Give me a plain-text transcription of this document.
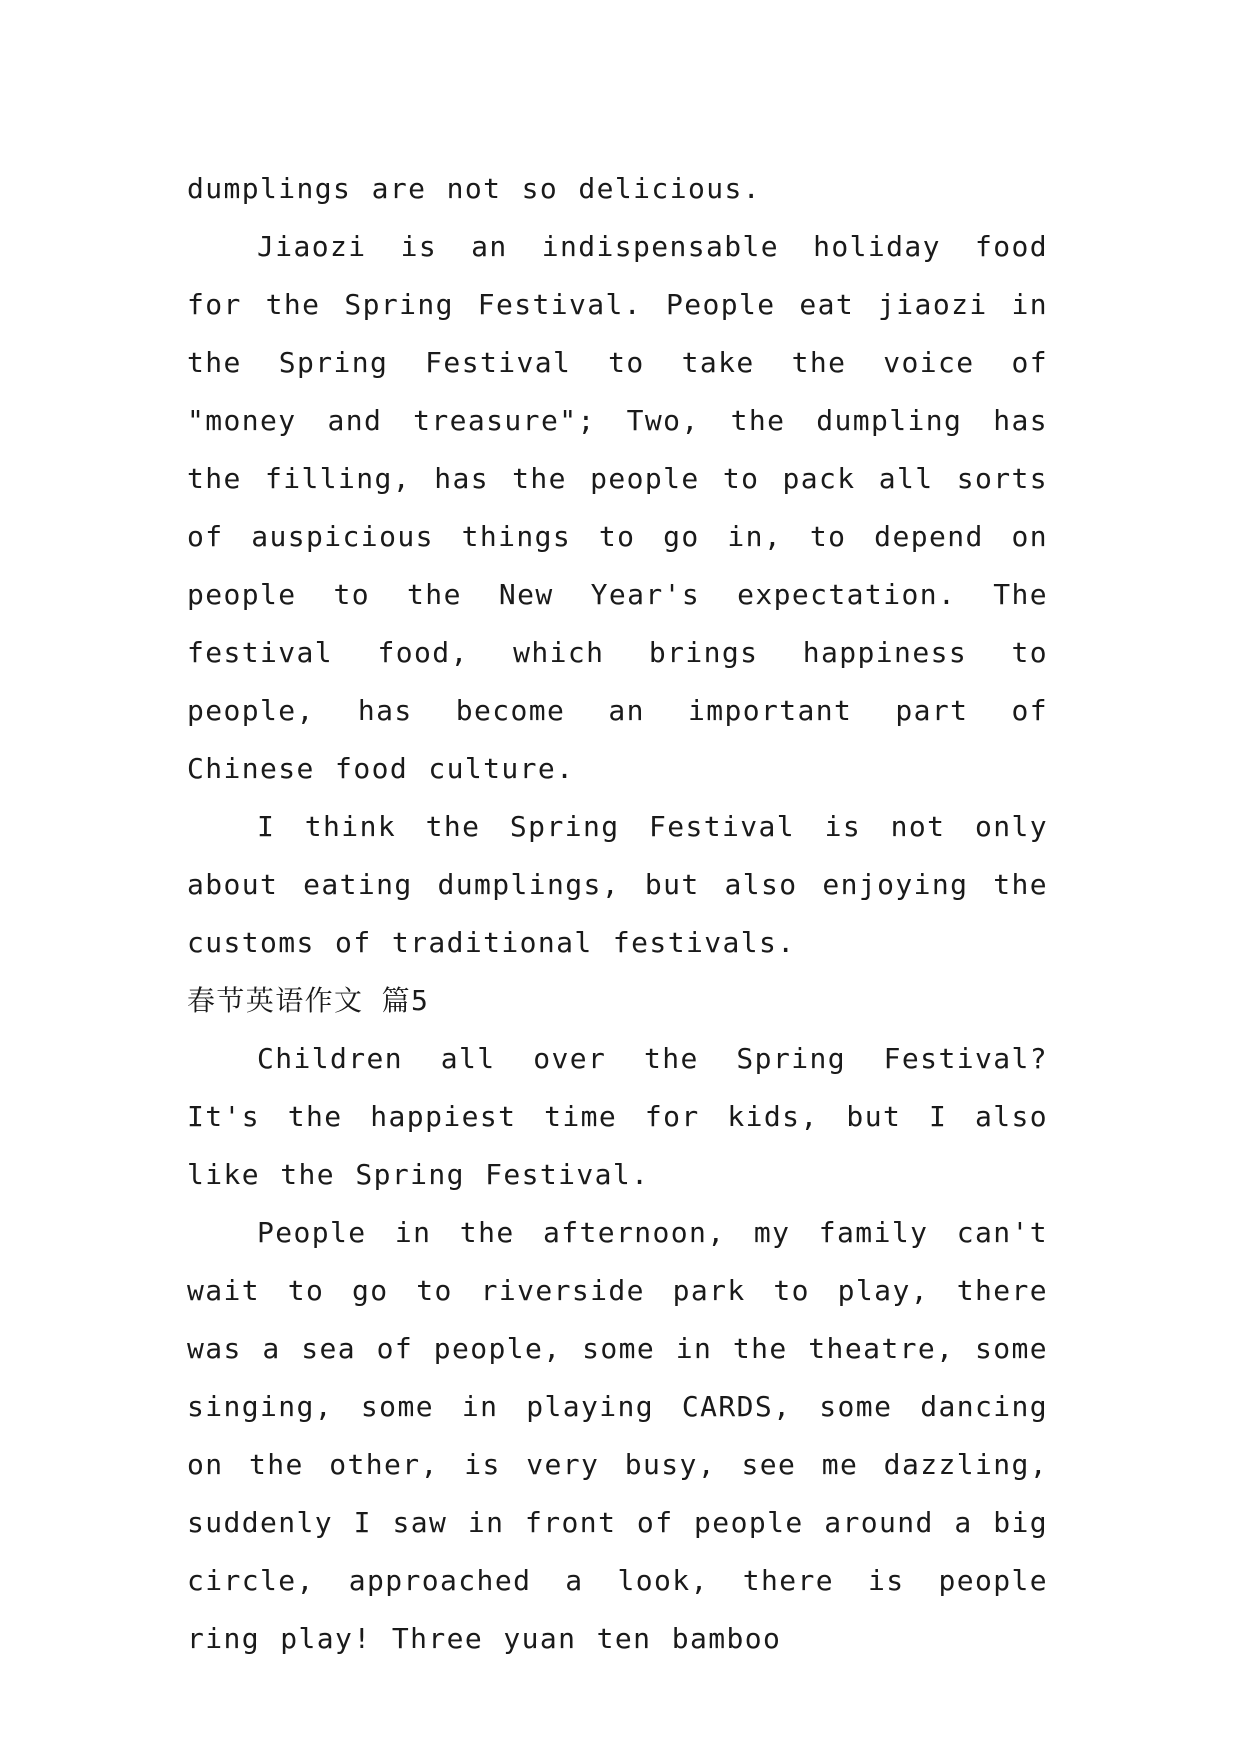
dumplings are not so delicious.

Jiaozi is an indispensable holiday food for the Spring Festival. People eat jiaozi in the Spring Festival to take the voice of "money and treasure"; Two, the dumpling has the filling, has the people to pack all sorts of auspicious things to go in, to depend on people to the New Year's expectation. The festival food, which brings happiness to people, has become an important part of Chinese food culture.

I think the Spring Festival is not only about eating dumplings, but also enjoying the customs of traditional festivals.

春节英语作文 篇5

Children all over the Spring Festival? It's the happiest time for kids, but I also like the Spring Festival.

People in the afternoon, my family can't wait to go to riverside park to play, there was a sea of people, some in the theatre, some singing, some in playing CARDS, some dancing on the other, is very busy, see me dazzling, suddenly I saw in front of people around a big circle, approached a look, there is people ring play! Three yuan ten bamboo
